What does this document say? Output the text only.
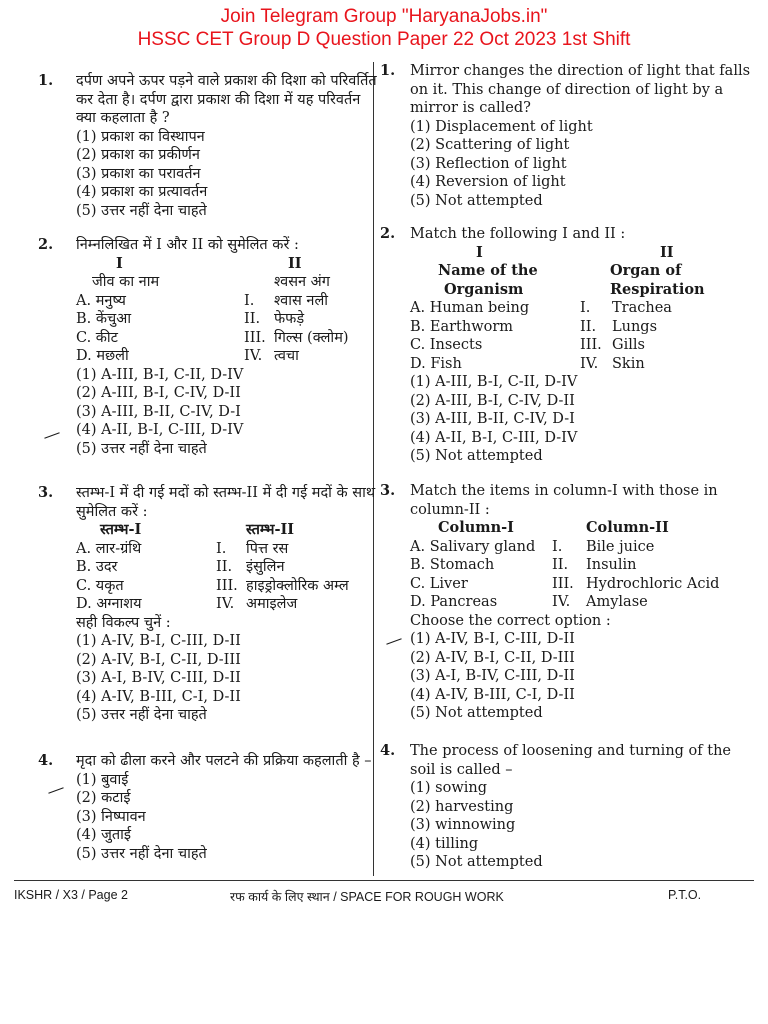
Join Telegram Group "HaryanaJobs.in"
HSSC CET Group D Question Paper 22 Oct 2023 1st Shift
1. दर्पण अपने ऊपर पड़ने वाले प्रकाश की दिशा को परिवर्तित
कर देता है। दर्पण द्वारा प्रकाश की दिशा में यह परिवर्तन
क्या कहलाता है ?
(1) प्रकाश का विस्थापन
(2) प्रकाश का प्रकीर्णन
(3) प्रकाश का परावर्तन
(4) प्रकाश का प्रत्यावर्तन
(5) उत्तर नहीं देना चाहते
2. निम्नलिखित में I और II को सुमेलित करें :
I	II
जीव का नाम	श्वसन अंग
A. मनुष्य	I. श्वास नली
B. केंचुआ	II. फेफड़े
C. कीट	III. गिल्स (क्लोम)
D. मछली	IV. त्वचा
(1) A-III, B-I, C-II, D-IV
(2) A-III, B-I, C-IV, D-II
(3) A-III, B-II, C-IV, D-I
(4) A-II, B-I, C-III, D-IV
(5) उत्तर नहीं देना चाहते
3. स्तम्भ-I में दी गई मदों को स्तम्भ-II में दी गई मदों के साथ
सुमेलित करें :
स्तम्भ-I	स्तम्भ-II
A. लार-ग्रंथि	I. पित्त रस
B. उदर	II. इंसुलिन
C. यकृत	III. हाइड्रोक्लोरिक अम्ल
D. अग्नाशय	IV. अमाइलेज
सही विकल्प चुनें :
(1) A-IV, B-I, C-III, D-II
(2) A-IV, B-I, C-II, D-III
(3) A-I, B-IV, C-III, D-II
(4) A-IV, B-III, C-I, D-II
(5) उत्तर नहीं देना चाहते
4. मृदा को ढीला करने और पलटने की प्रक्रिया कहलाती है –
(1) बुवाई
(2) कटाई
(3) निष्पावन
(4) जुताई
(5) उत्तर नहीं देना चाहते
1. Mirror changes the direction of light that falls
on it. This change of direction of light by a
mirror is called?
(1) Displacement of light
(2) Scattering of light
(3) Reflection of light
(4) Reversion of light
(5) Not attempted
2. Match the following I and II :
I	II
Name of the	Organ of
Organism	Respiration
A. Human being	I. Trachea
B. Earthworm	II. Lungs
C. Insects	III. Gills
D. Fish	IV. Skin
(1) A-III, B-I, C-II, D-IV
(2) A-III, B-I, C-IV, D-II
(3) A-III, B-II, C-IV, D-I
(4) A-II, B-I, C-III, D-IV
(5) Not attempted
3. Match the items in column-I with those in
column-II :
Column-I	Column-II
A. Salivary gland I. Bile juice
B. Stomach	II. Insulin
C. Liver	III. Hydrochloric Acid
D. Pancreas	IV. Amylase
Choose the correct option :
(1) A-IV, B-I, C-III, D-II
(2) A-IV, B-I, C-II, D-III
(3) A-I, B-IV, C-III, D-II
(4) A-IV, B-III, C-I, D-II
(5) Not attempted
4. The process of loosening and turning of the
soil is called –
(1) sowing
(2) harvesting
(3) winnowing
(4) tilling
(5) Not attempted
IKSHR / X3 / Page 2	रफ कार्य के लिए स्थान / SPACE FOR ROUGH WORK	P.T.O.
